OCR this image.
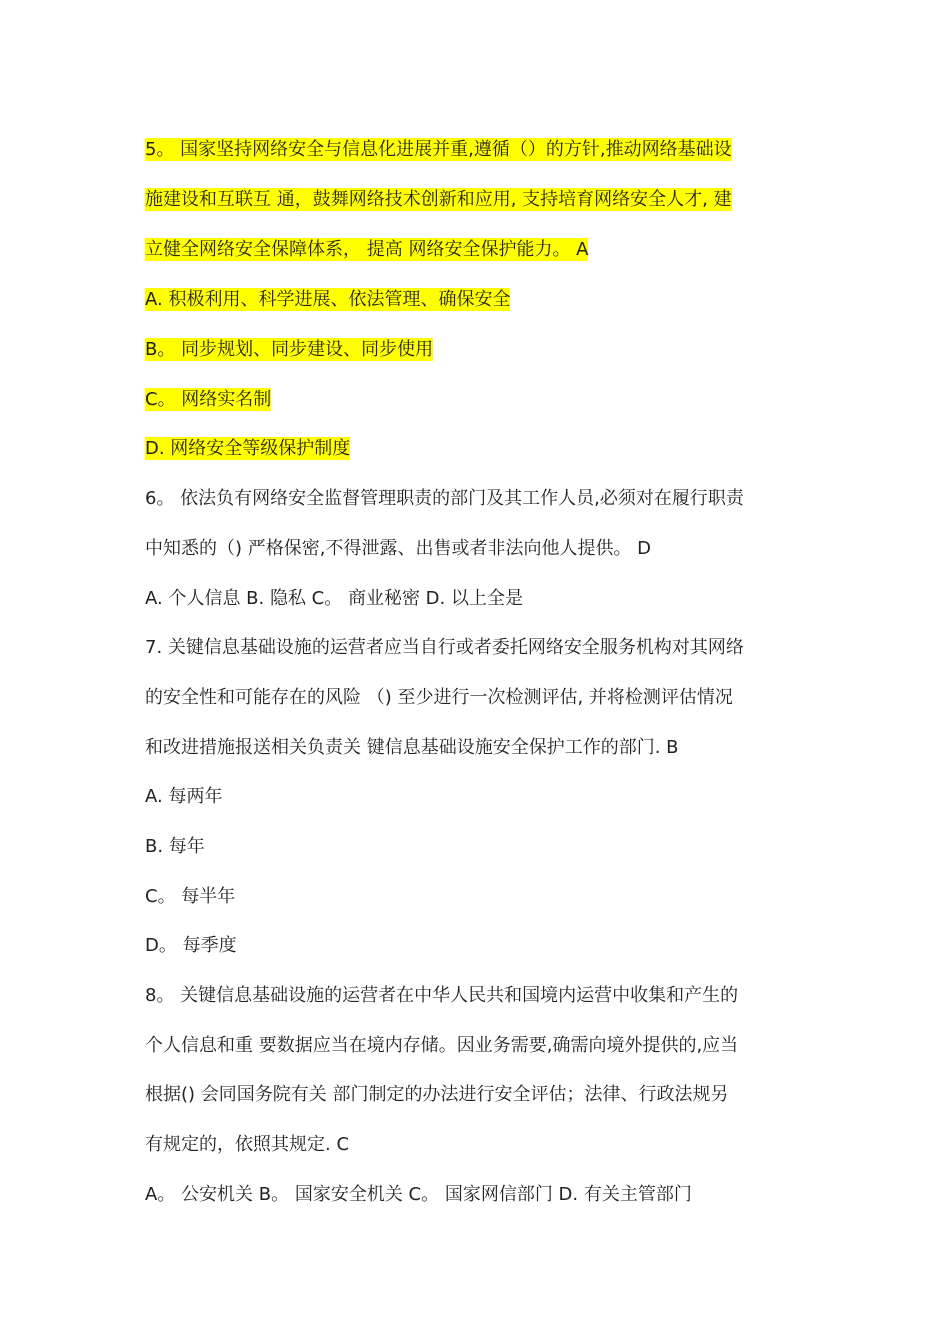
5。 国家坚持网络安全与信息化进展并重,遵循（）的方针,推动网络基础设
施建设和互联互 通，鼓舞网络技术创新和应用, 支持培育网络安全人才, 建
立健全网络安全保障体系， 提高 网络安全保护能力。 A
A. 积极利用、科学进展、依法管理、确保安全
B。 同步规划、同步建设、同步使用
C。 网络实名制
D. 网络安全等级保护制度
6。 依法负有网络安全监督管理职责的部门及其工作人员,必须对在履行职责
中知悉的（) 严格保密,不得泄露、出售或者非法向他人提供。 D
A. 个人信息 B. 隐私 C。 商业秘密 D. 以上全是
7. 关键信息基础设施的运营者应当自行或者委托网络安全服务机构对其网络
的安全性和可能存在的风险 （) 至少进行一次检测评估, 并将检测评估情况
和改进措施报送相关负责关 键信息基础设施安全保护工作的部门. B
A. 每两年
B. 每年
C。 每半年
D。 每季度
8。 关键信息基础设施的运营者在中华人民共和国境内运营中收集和产生的
个人信息和重 要数据应当在境内存储。因业务需要,确需向境外提供的,应当
根据() 会同国务院有关 部门制定的办法进行安全评估；法律、行政法规另
有规定的，依照其规定. C
A。 公安机关 B。 国家安全机关 C。 国家网信部门 D. 有关主管部门
